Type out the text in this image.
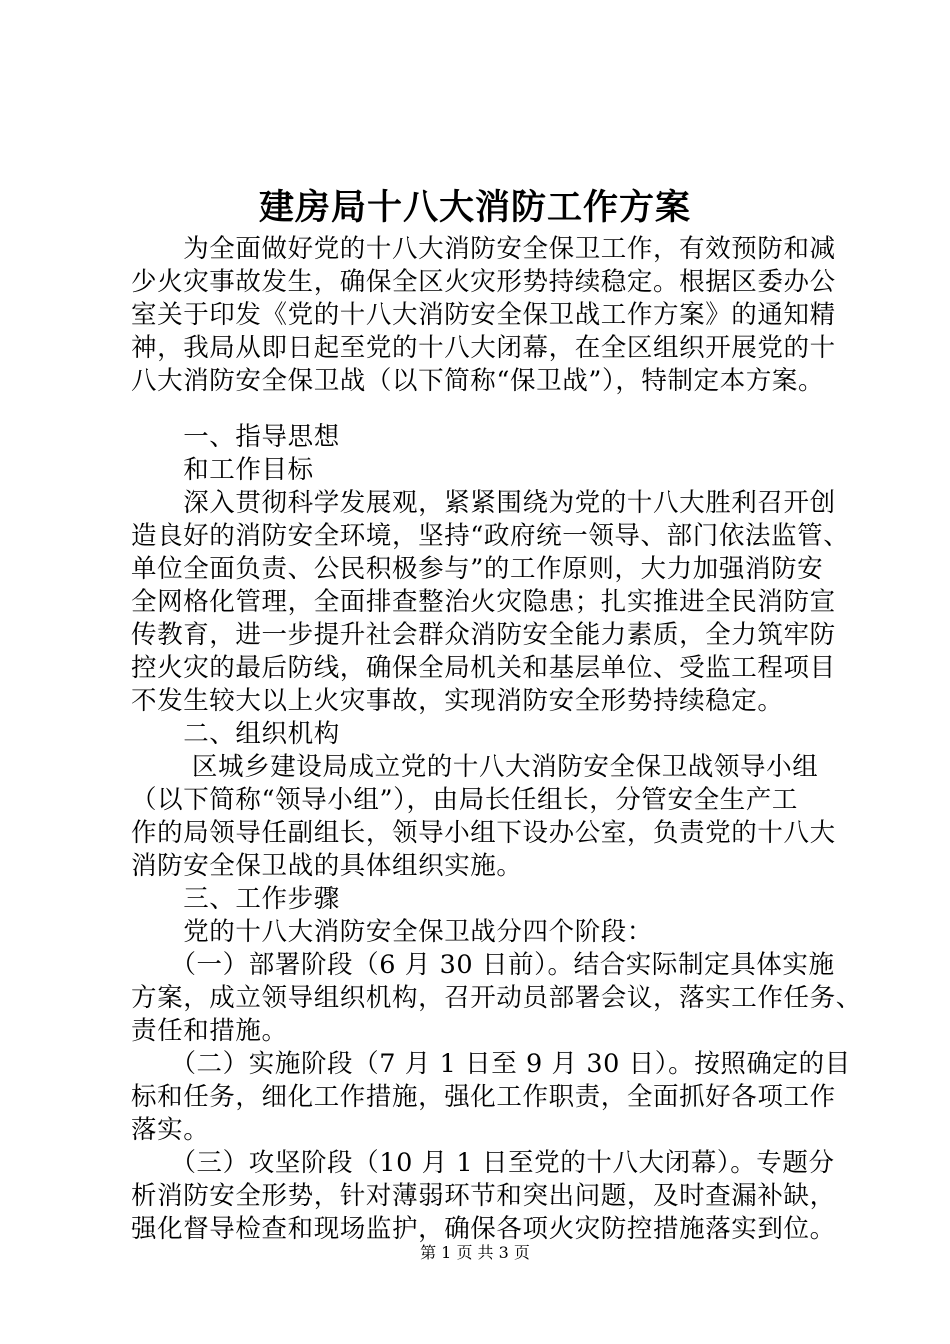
建房局十八大消防工作方案
　　为全面做好党的十八大消防安全保卫工作，有效预防和减
少火灾事故发生，确保全区火灾形势持续稳定。根据区委办公
室关于印发《党的十八大消防安全保卫战工作方案》的通知精
神，我局从即日起至党的十八大闭幕，在全区组织开展党的十
八大消防安全保卫战（以下简称“保卫战”），特制定本方案。
　　一、指导思想
　　和工作目标
　　深入贯彻科学发展观，紧紧围绕为党的十八大胜利召开创
造良好的消防安全环境，坚持“政府统一领导、部门依法监管、
单位全面负责、公民积极参与”的工作原则，大力加强消防安
全网格化管理，全面排查整治火灾隐患；扎实推进全民消防宣
传教育，进一步提升社会群众消防安全能力素质，全力筑牢防
控火灾的最后防线，确保全局机关和基层单位、受监工程项目
不发生较大以上火灾事故，实现消防安全形势持续稳定。
　　二、组织机构
　　 区城乡建设局成立党的十八大消防安全保卫战领导小组
（以下简称“领导小组”），由局长任组长，分管安全生产工
作的局领导任副组长，领导小组下设办公室，负责党的十八大
消防安全保卫战的具体组织实施。
　　三、工作步骤
　　党的十八大消防安全保卫战分四个阶段：
　　（一）部署阶段（6 月 30 日前）。结合实际制定具体实施
方案，成立领导组织机构，召开动员部署会议，落实工作任务、
责任和措施。
　　（二）实施阶段（7 月 1 日至 9 月 30 日）。按照确定的目
标和任务，细化工作措施，强化工作职责，全面抓好各项工作
落实。
　　（三）攻坚阶段（10 月 1 日至党的十八大闭幕）。专题分
析消防安全形势，针对薄弱环节和突出问题，及时查漏补缺，
强化督导检查和现场监护，确保各项火灾防控措施落实到位。
第 1 页 共 3 页
